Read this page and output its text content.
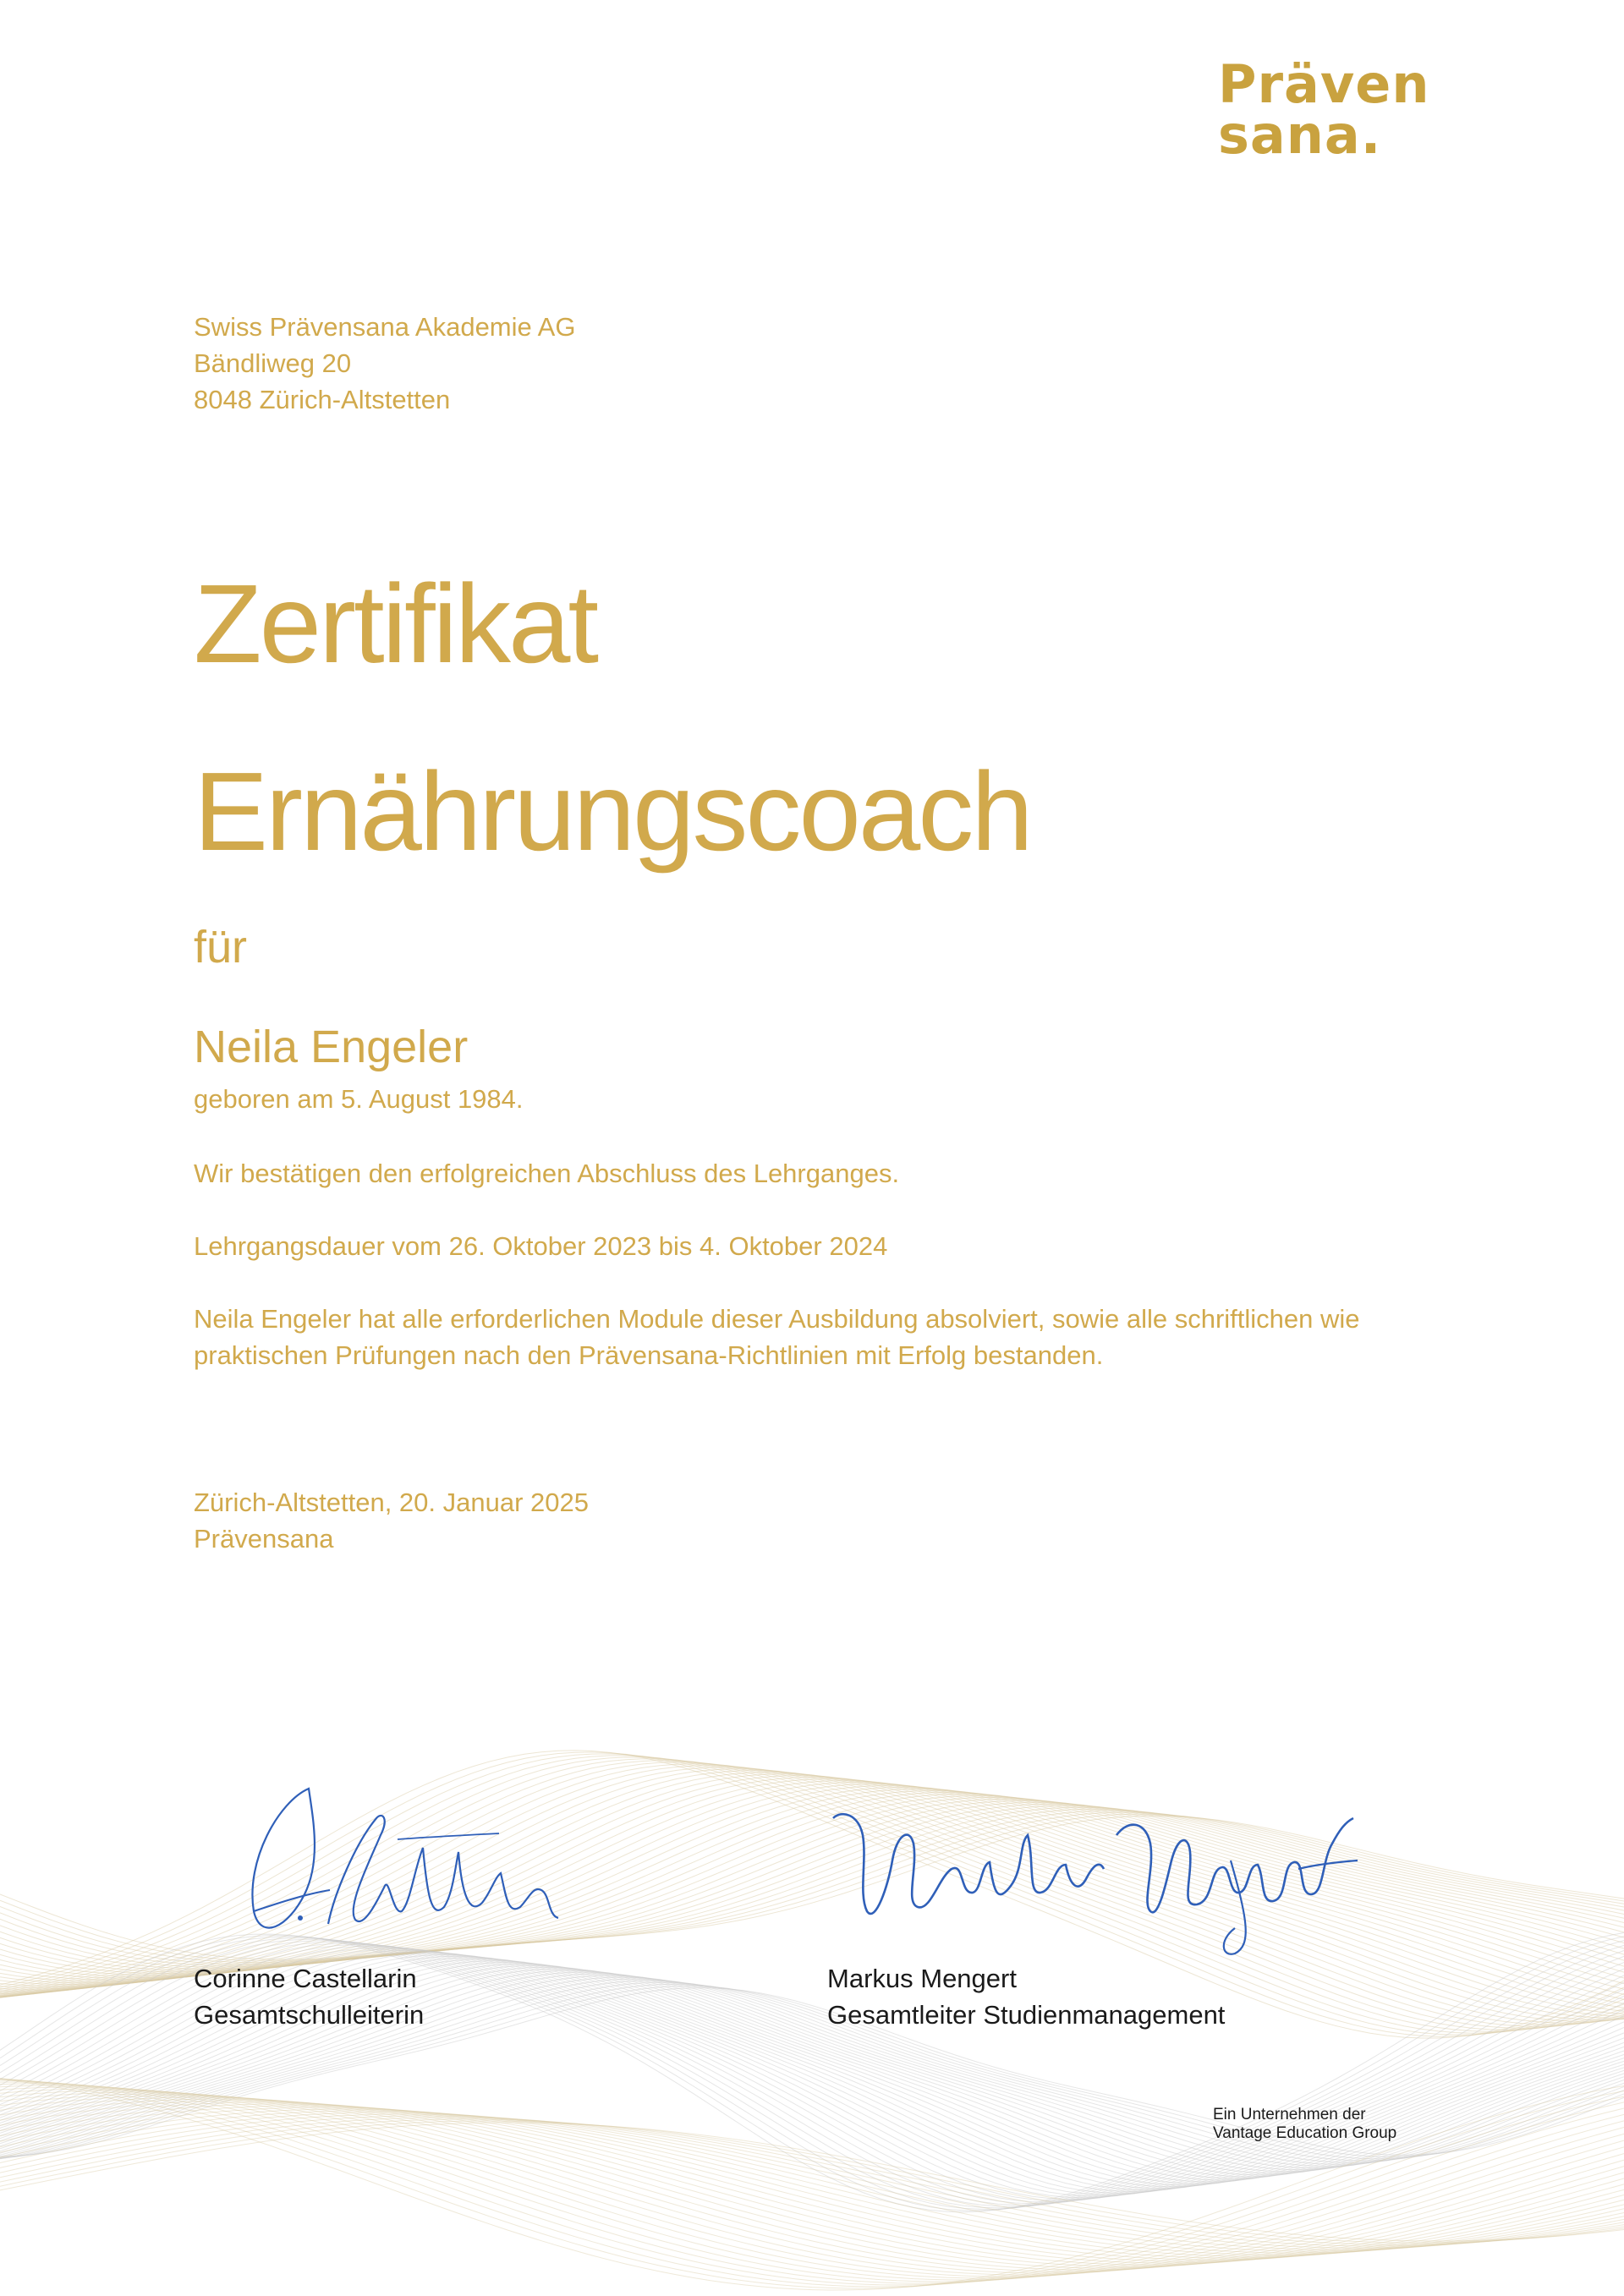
Präven
sana.
Swiss Prävensana Akademie AG
Bändliweg 20
8048 Zürich-Altstetten
Zertifikat
Ernährungscoach
für
Neila Engeler
geboren am 5. August 1984.
Wir bestätigen den erfolgreichen Abschluss des Lehrganges.
Lehrgangsdauer vom 26. Oktober 2023 bis 4. Oktober 2024
Neila Engeler hat alle erforderlichen Module dieser Ausbildung absolviert, sowie alle schriftlichen wie
praktischen Prüfungen nach den Prävensana-Richtlinien mit Erfolg bestanden.
Zürich-Altstetten, 20. Januar 2025
Prävensana
Corinne Castellarin
Gesamtschulleiterin
Markus Mengert
Gesamtleiter Studienmanagement
Ein Unternehmen der
Vantage Education Group
